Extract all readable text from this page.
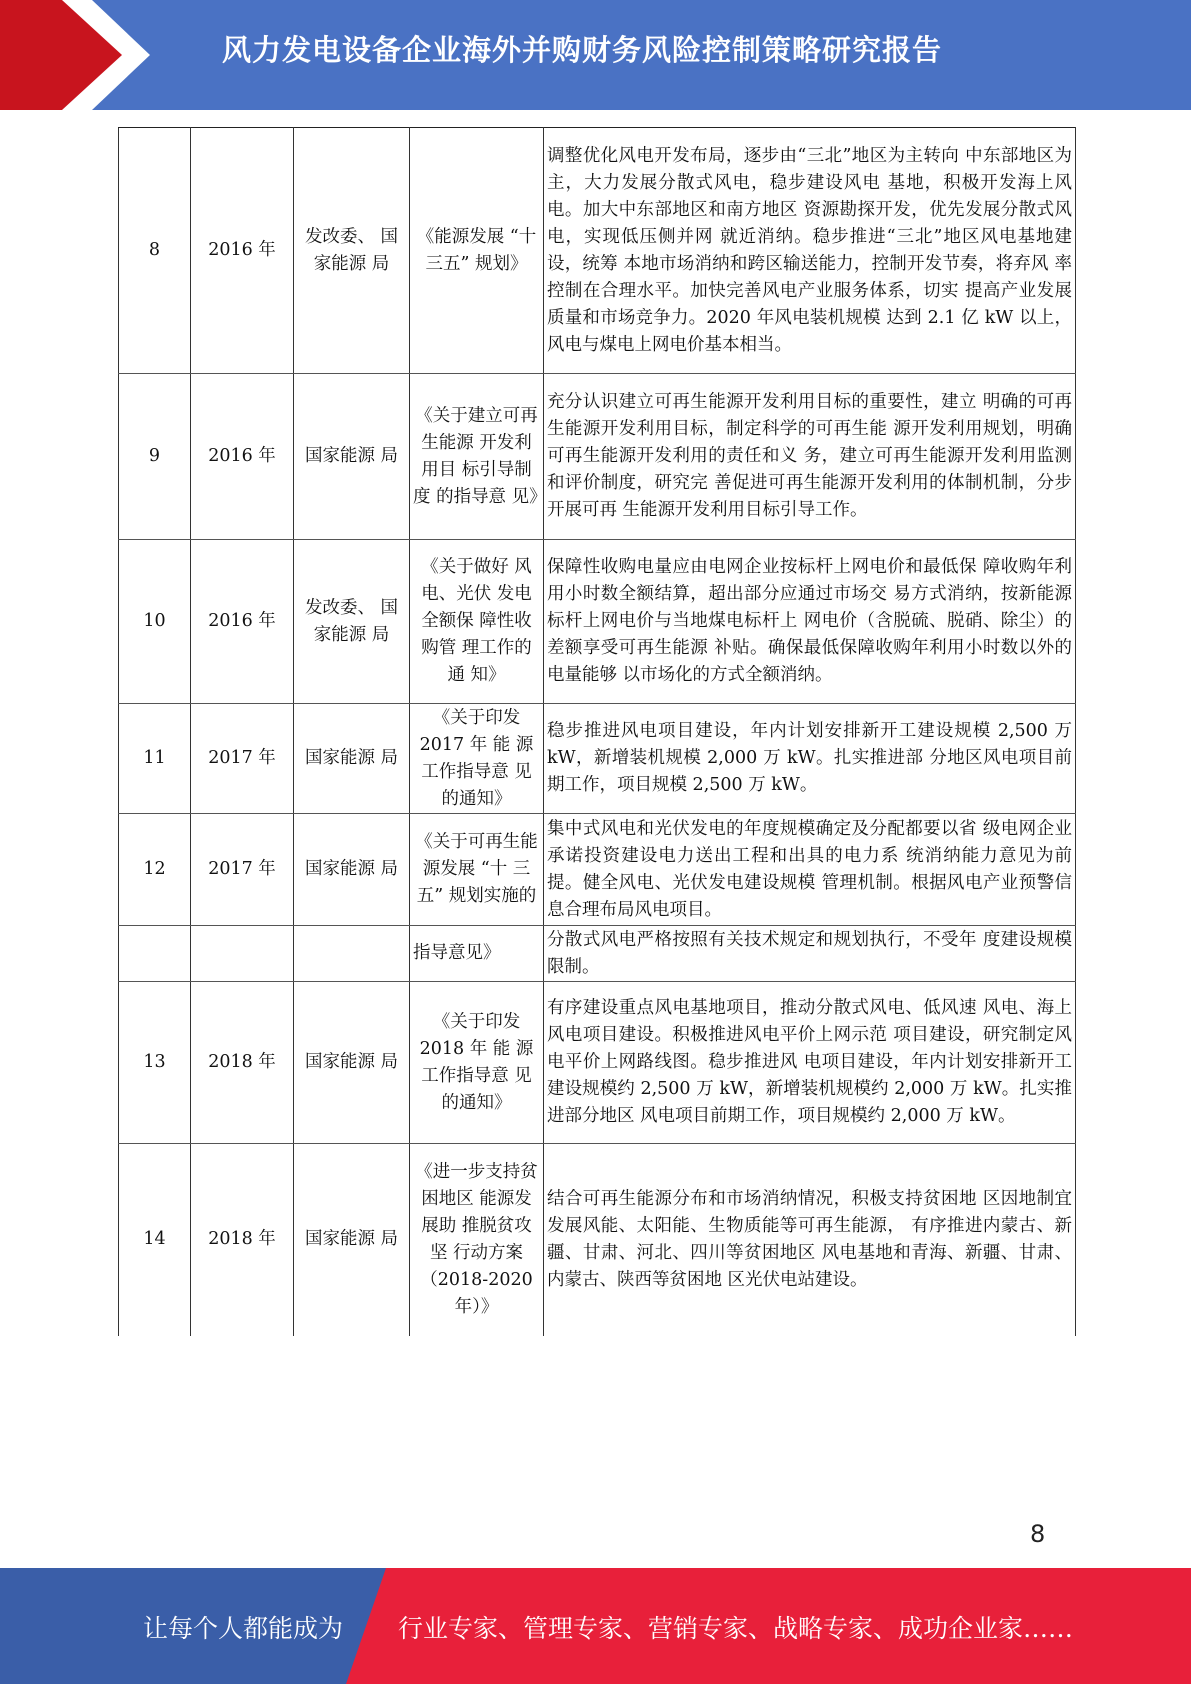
风力发电设备企业海外并购财务风险控制策略研究报告
8	2016 年	发改委、 国家能源 局	《能源发展 “十三五” 规划》	调整优化风电开发布局，逐步由“三北”地区为主转向 中东部地区为主，大力发展分散式风电，稳步建设风电 基地，积极开发海上风电。加大中东部地区和南方地区 资源勘探开发，优先发展分散式风电，实现低压侧并网 就近消纳。稳步推进“三北”地区风电基地建设，统筹 本地市场消纳和跨区输送能力，控制开发节奏，将弃风 率控制在合理水平。加快完善风电产业服务体系，切实 提高产业发展质量和市场竞争力。2020 年风电装机规模 达到 2.1 亿 kW 以上，风电与煤电上网电价基本相当。
9	2016 年	国家能源 局	《关于建立可再生能源 开发利用目 标引导制度 的指导意 见》	充分认识建立可再生能源开发利用目标的重要性，建立 明确的可再生能源开发利用目标，制定科学的可再生能 源开发利用规划，明确可再生能源开发利用的责任和义 务，建立可再生能源开发利用监测和评价制度，研究完 善促进可再生能源开发利用的体制机制，分步开展可再 生能源开发利用目标引导工作。
10	2016 年	发改委、 国家能源 局	《关于做好 风电、光伏 发电全额保 障性收购管 理工作的通 知》	保障性收购电量应由电网企业按标杆上网电价和最低保 障收购年利用小时数全额结算，超出部分应通过市场交 易方式消纳，按新能源标杆上网电价与当地煤电标杆上 网电价（含脱硫、脱硝、除尘）的差额享受可再生能源 补贴。确保最低保障收购年利用小时数以外的电量能够 以市场化的方式全额消纳。
11	2017 年	国家能源 局	《关于印发 2017 年 能 源 工作指导意 见的通知》	稳步推进风电项目建设，年内计划安排新开工建设规模 2,500 万 kW，新增装机规模 2,000 万 kW。扎实推进部 分地区风电项目前期工作，项目规模 2,500 万 kW。
12	2017 年	国家能源 局	《关于可再生能源发展 “十 三 五” 规划实施的	集中式风电和光伏发电的年度规模确定及分配都要以省 级电网企业承诺投资建设电力送出工程和出具的电力系 统消纳能力意见为前提。健全风电、光伏发电建设规模 管理机制。根据风电产业预警信息合理布局风电项目。
			指导意见》	分散式风电严格按照有关技术规定和规划执行，不受年 度建设规模限制。
13	2018 年	国家能源 局	《关于印发 2018 年 能 源 工作指导意 见的通知》	有序建设重点风电基地项目，推动分散式风电、低风速 风电、海上风电项目建设。积极推进风电平价上网示范 项目建设，研究制定风电平价上网路线图。稳步推进风 电项目建设，年内计划安排新开工建设规模约 2,500 万 kW，新增装机规模约 2,000 万 kW。扎实推进部分地区 风电项目前期工作，项目规模约 2,000 万 kW。
14	2018 年	国家能源 局	《进一步支持贫困地区 能源发展助 推脱贫攻坚 行动方案 （2018-2020 年）》	结合可再生能源分布和市场消纳情况，积极支持贫困地 区因地制宜发展风能、太阳能、生物质能等可再生能源， 有序推进内蒙古、新疆、甘肃、河北、四川等贫困地区 风电基地和青海、新疆、甘肃、内蒙古、陕西等贫困地 区光伏电站建设。
8
让每个人都能成为 行业专家、管理专家、营销专家、战略专家、成功企业家……
